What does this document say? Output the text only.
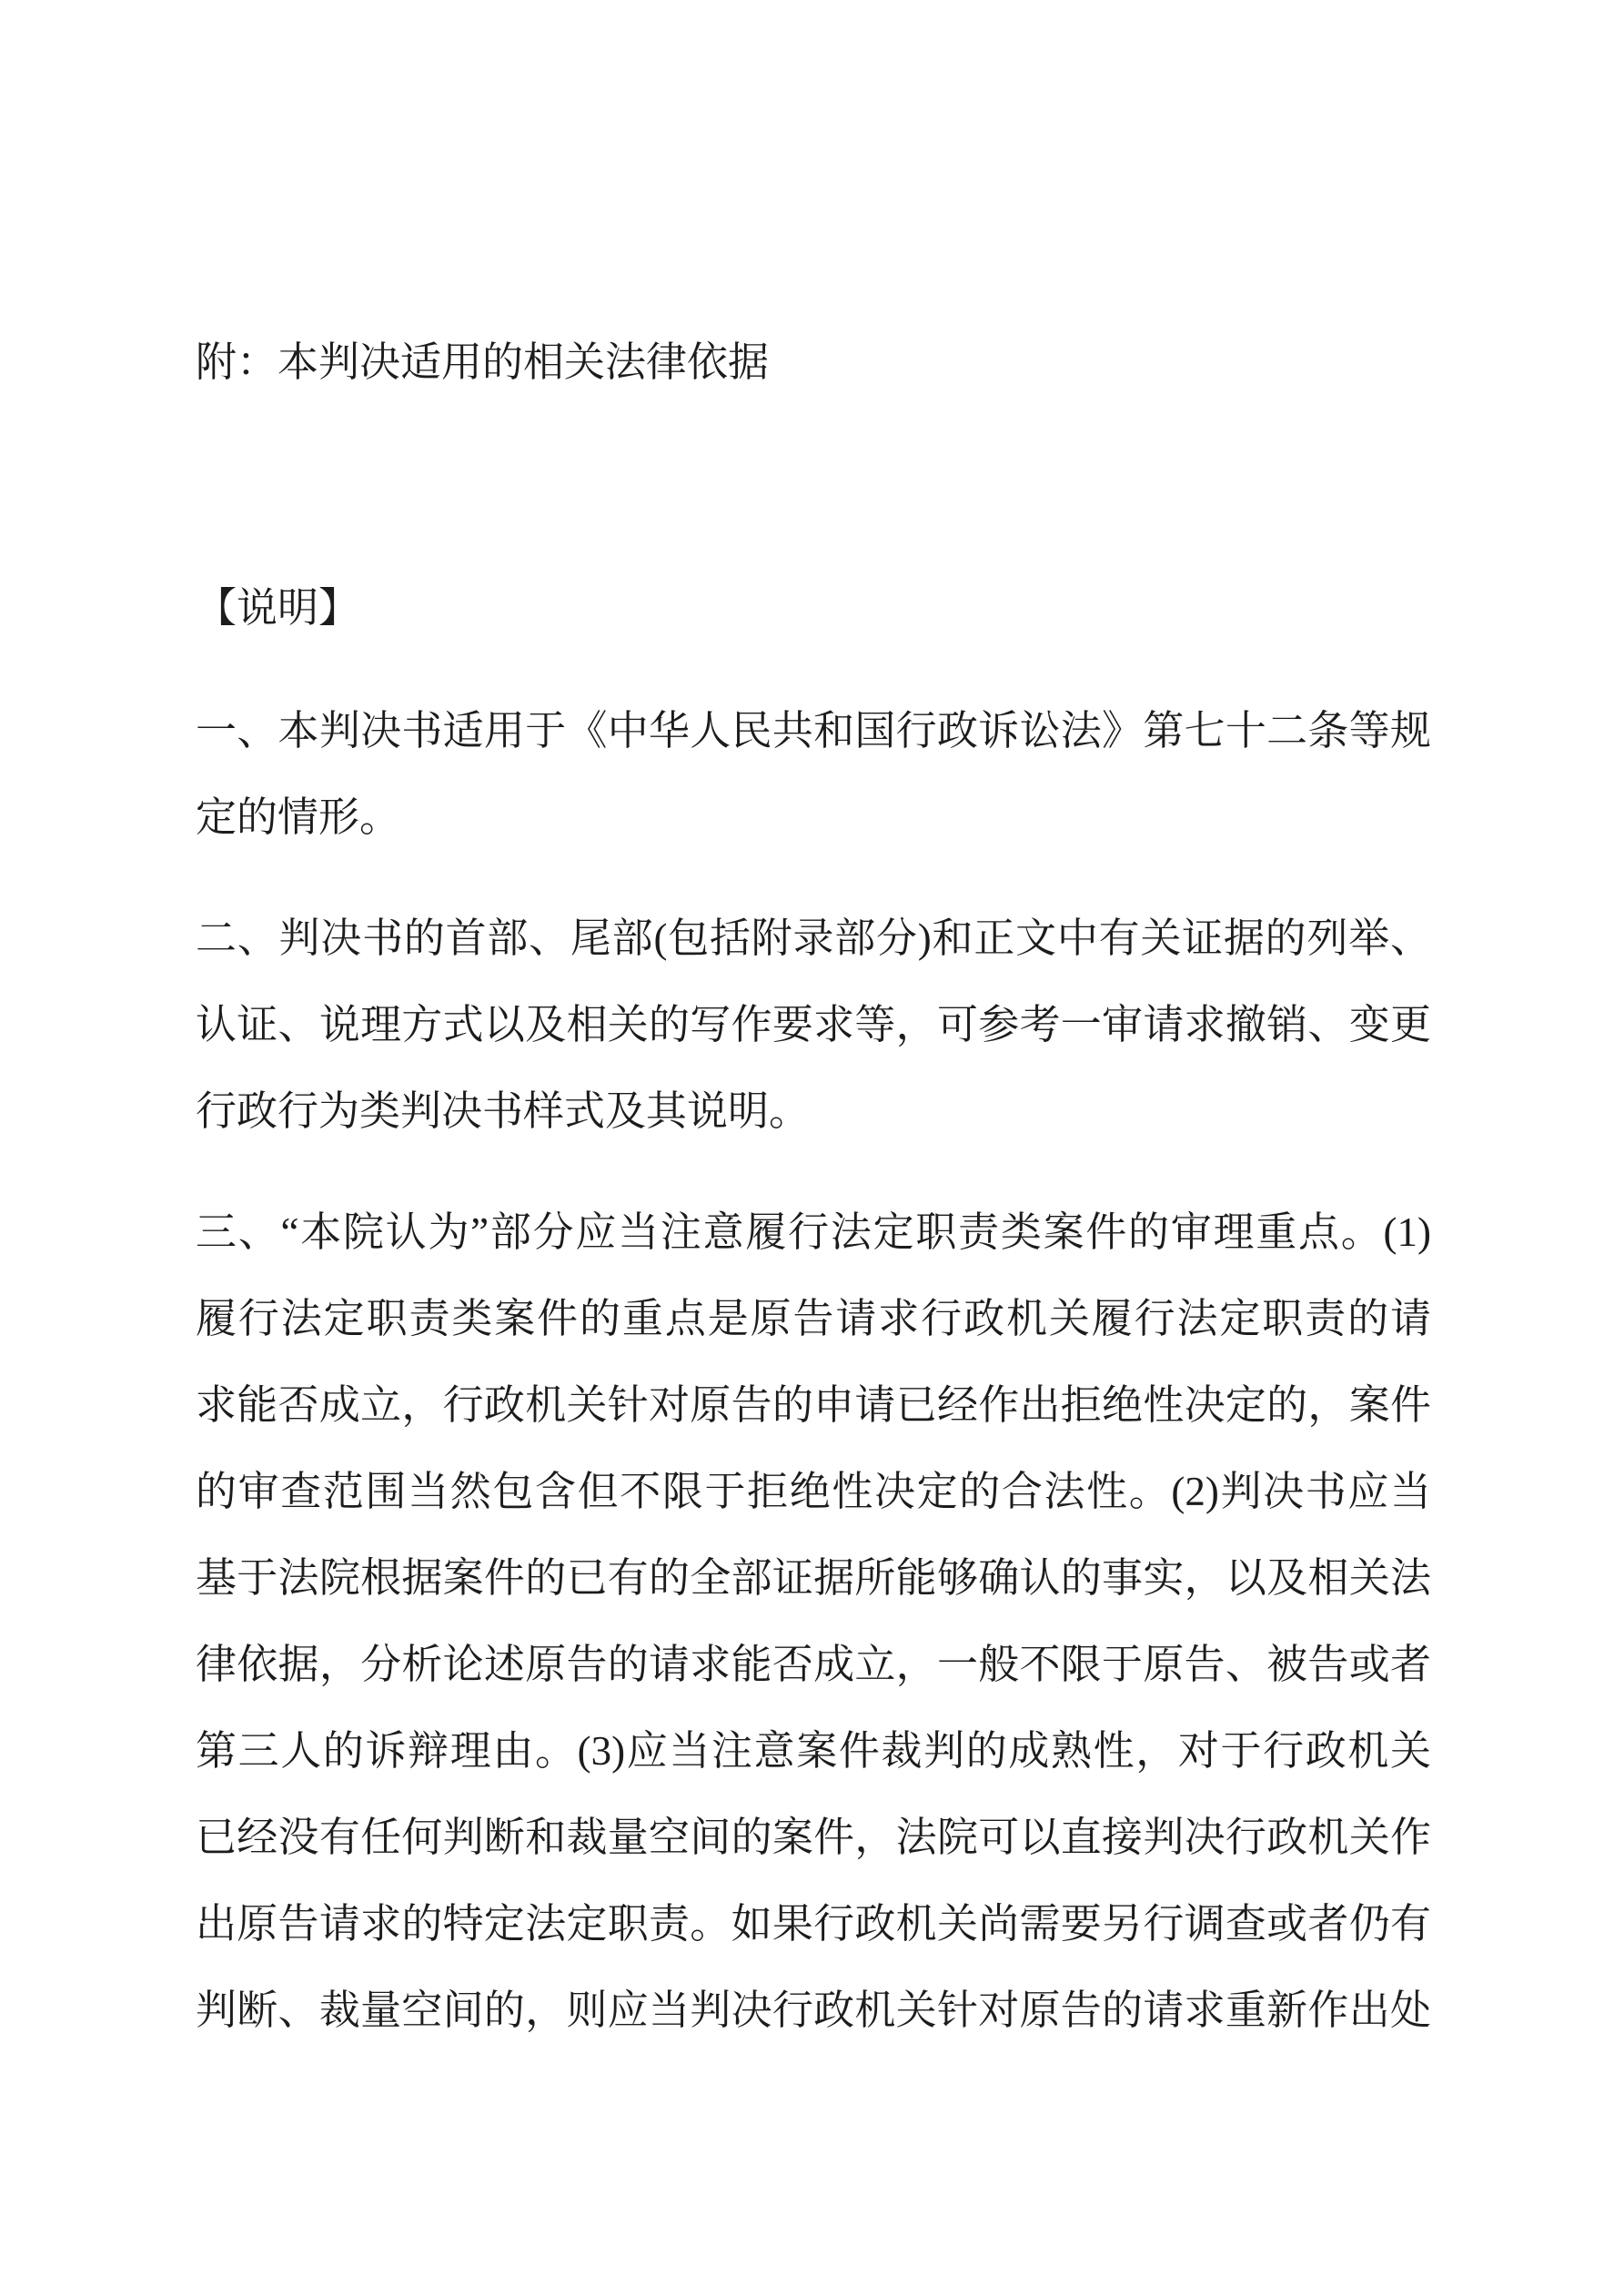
附：本判决适用的相关法律依据
【说明】
一、本判决书适用于《中华人民共和国行政诉讼法》第七十二条等规
定的情形。
二、判决书的首部、尾部(包括附录部分)和正文中有关证据的列举、
认证、说理方式以及相关的写作要求等，可参考一审请求撤销、变更
行政行为类判决书样式及其说明。
三、“本院认为”部分应当注意履行法定职责类案件的审理重点。(1)
履行法定职责类案件的重点是原告请求行政机关履行法定职责的请
求能否成立，行政机关针对原告的申请已经作出拒绝性决定的，案件
的审查范围当然包含但不限于拒绝性决定的合法性。(2)判决书应当
基于法院根据案件的已有的全部证据所能够确认的事实，以及相关法
律依据，分析论述原告的请求能否成立，一般不限于原告、被告或者
第三人的诉辩理由。(3)应当注意案件裁判的成熟性，对于行政机关
已经没有任何判断和裁量空间的案件，法院可以直接判决行政机关作
出原告请求的特定法定职责。如果行政机关尚需要另行调查或者仍有
判断、裁量空间的，则应当判决行政机关针对原告的请求重新作出处
